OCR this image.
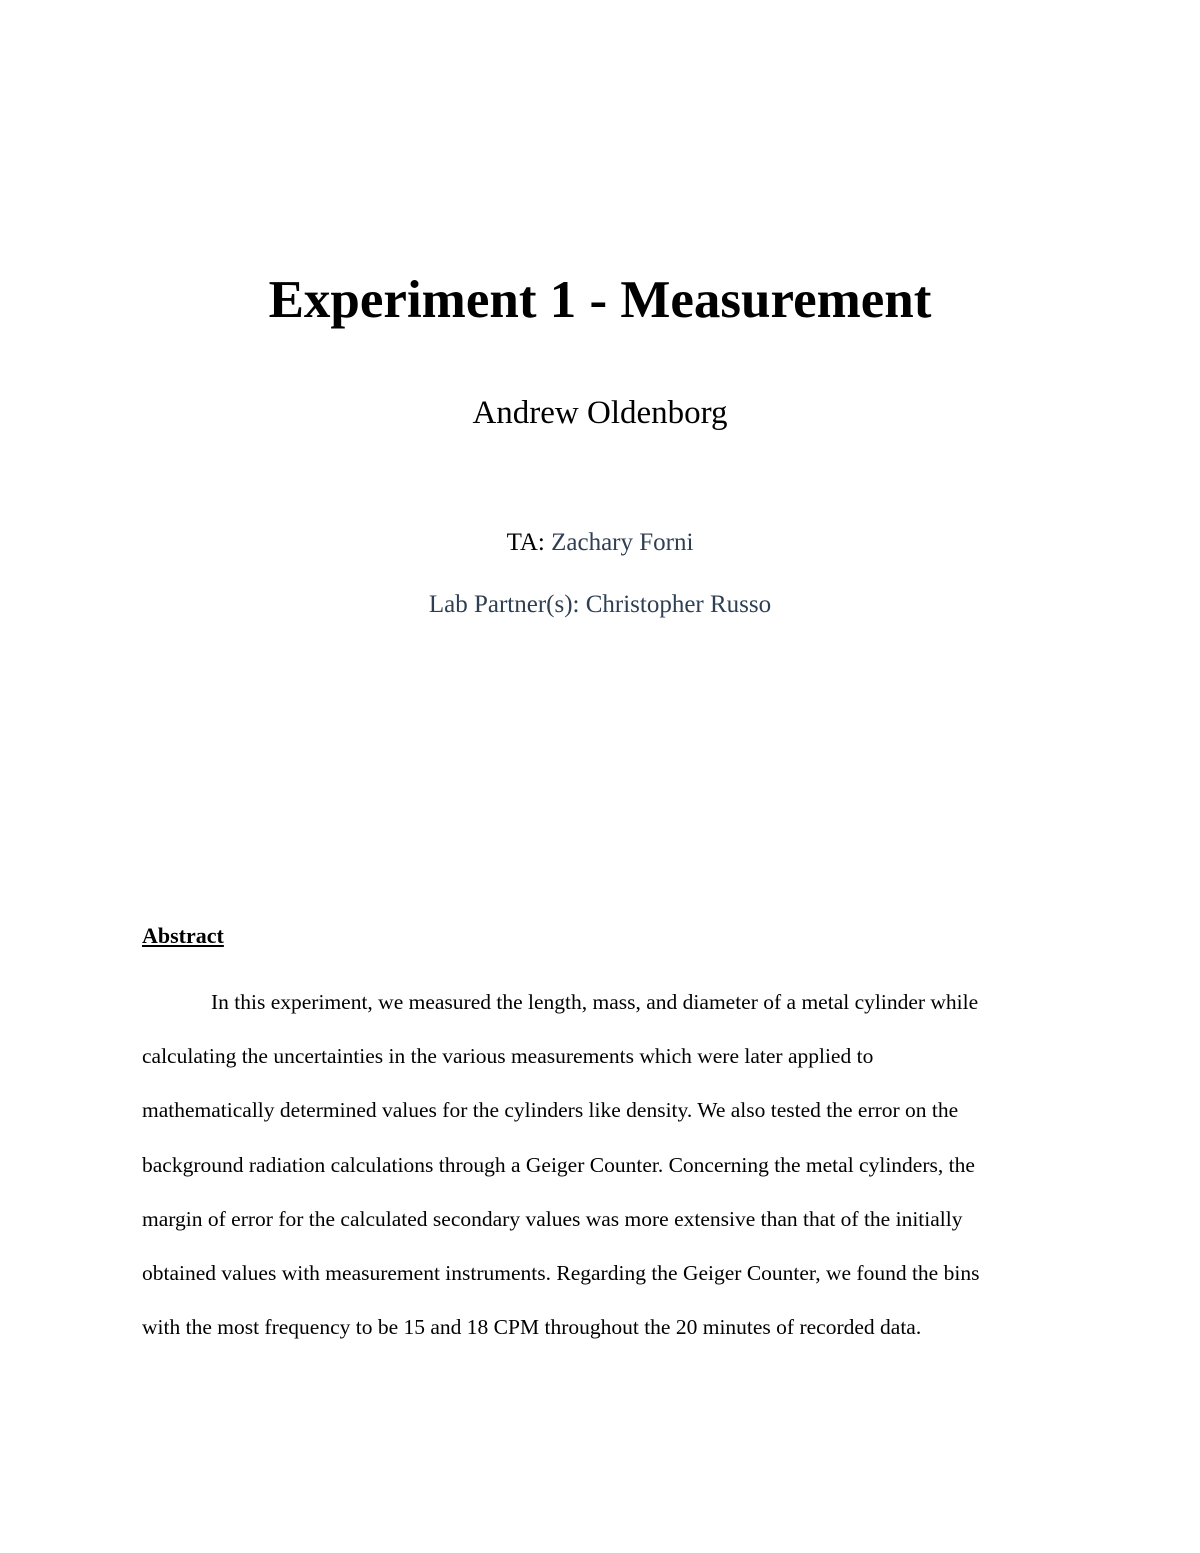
Experiment 1 - Measurement
Andrew Oldenborg
TA: Zachary Forni
Lab Partner(s): Christopher Russo
Abstract
In this experiment, we measured the length, mass, and diameter of a metal cylinder while
calculating the uncertainties in the various measurements which were later applied to
mathematically determined values for the cylinders like density. We also tested the error on the
background radiation calculations through a Geiger Counter. Concerning the metal cylinders, the
margin of error for the calculated secondary values was more extensive than that of the initially
obtained values with measurement instruments. Regarding the Geiger Counter, we found the bins
with the most frequency to be 15 and 18 CPM throughout the 20 minutes of recorded data.
